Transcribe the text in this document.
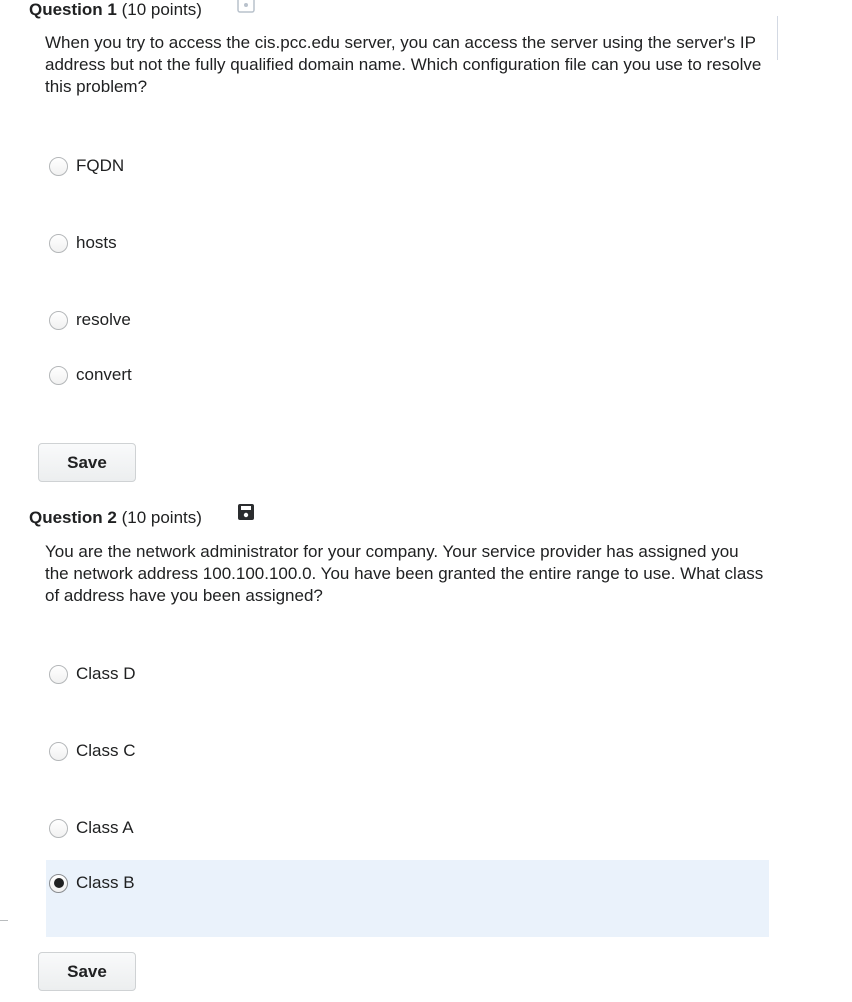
Question 1 (10 points)
When you try to access the cis.pcc.edu server, you can access the server using the server's IP address but not the fully qualified domain name. Which configuration file can you use to resolve this problem?
FQDN
hosts
resolve
convert
Save
Question 2 (10 points)
You are the network administrator for your company. Your service provider has assigned you the network address 100.100.100.0. You have been granted the entire range to use. What class of address have you been assigned?
Class D
Class C
Class A
Class B
Save
